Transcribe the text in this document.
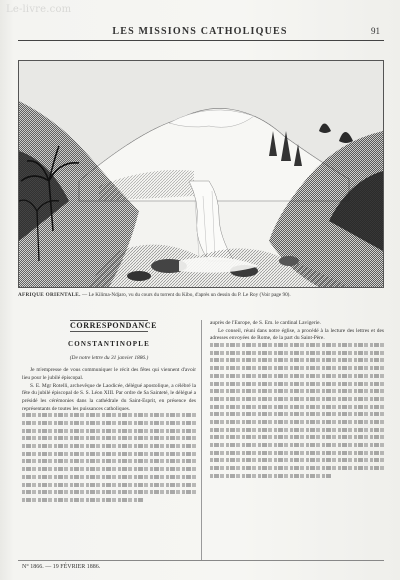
Le-livre.com
LES MISSIONS CATHOLIQUES	91
AFRIQUE ORIENTALE. — Le Kilima-Ndjaro, vu du cours du torrent du Kibo, d'après un dessin du P. Le Roy (Voir page 90).
CORRESPONDANCE
CONSTANTINOPLE
(De notre lettre du 31 janvier 1886.)

Je m'empresse de vous communiquer le récit des fêtes qui viennent d'avoir lieu pour le jubilé épiscopal.

S. E. Mgr Rotelli, archevêque de Laodicée, délégué apostolique, a célébré la fête du jubilé épiscopal de S. S. Léon XIII. Par ordre de Sa Sainteté, le délégué a présidé les cérémonies dans la cathédrale du Saint-Esprit, en présence des représentants de toutes les puissances catholiques.

auprès de l'Europe, de S. Em. le cardinal Lavigerie.

Le conseil, réuni dans notre église, a procédé à la lecture des lettres et des adresses envoyées de Rome, de la part du Saint-Père.

N° 1866. — 19 FÉVRIER 1886.
